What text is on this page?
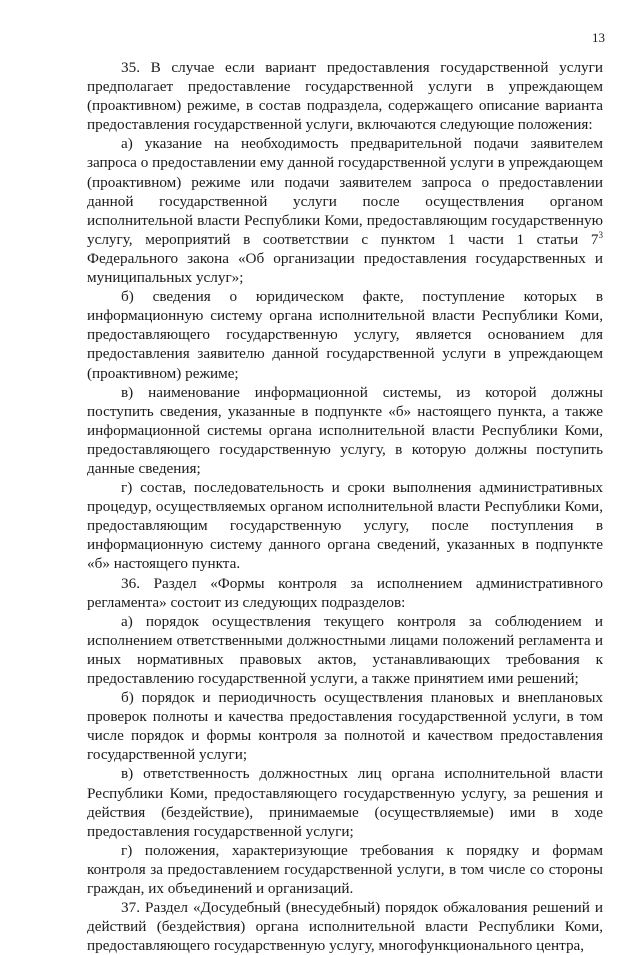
13

35. В случае если вариант предоставления государственной услуги предполагает предоставление государственной услуги в упреждающем (проактивном) режиме, в состав подраздела, содержащего описание варианта предоставления государственной услуги, включаются следующие положения:

а) указание на необходимость предварительной подачи заявителем запроса о предоставлении ему данной государственной услуги в упреждающем (проактивном) режиме или подачи заявителем запроса о предоставлении данной государственной услуги после осуществления органом исполнительной власти Республики Коми, предоставляющим государственную услугу, мероприятий в соответствии с пунктом 1 части 1 статьи $7^3$ Федерального закона «Об организации предоставления государственных и муниципальных услуг»;

б) сведения о юридическом факте, поступление которых в информационную систему органа исполнительной власти Республики Коми, предоставляющего государственную услугу, является основанием для предоставления заявителю данной государственной услуги в упреждающем (проактивном) режиме;

в) наименование информационной системы, из которой должны поступить сведения, указанные в подпункте «б» настоящего пункта, а также информационной системы органа исполнительной власти Республики Коми, предоставляющего государственную услугу, в которую должны поступить данные сведения;

г) состав, последовательность и сроки выполнения административных процедур, осуществляемых органом исполнительной власти Республики Коми, предоставляющим государственную услугу, после поступления в информационную систему данного органа сведений, указанных в подпункте «б» настоящего пункта.

36. Раздел «Формы контроля за исполнением административного регламента» состоит из следующих подразделов:

а) порядок осуществления текущего контроля за соблюдением и исполнением ответственными должностными лицами положений регламента и иных нормативных правовых актов, устанавливающих требования к предоставлению государственной услуги, а также принятием ими решений;

б) порядок и периодичность осуществления плановых и внеплановых проверок полноты и качества предоставления государственной услуги, в том числе порядок и формы контроля за полнотой и качеством предоставления государственной услуги;

в) ответственность должностных лиц органа исполнительной власти Республики Коми, предоставляющего государственную услугу, за решения и действия (бездействие), принимаемые (осуществляемые) ими в ходе предоставления государственной услуги;

г) положения, характеризующие требования к порядку и формам контроля за предоставлением государственной услуги, в том числе со стороны граждан, их объединений и организаций.

37. Раздел «Досудебный (внесудебный) порядок обжалования решений и действий (бездействия) органа исполнительной власти Республики Коми, предоставляющего государственную услугу, многофункционального центра,
